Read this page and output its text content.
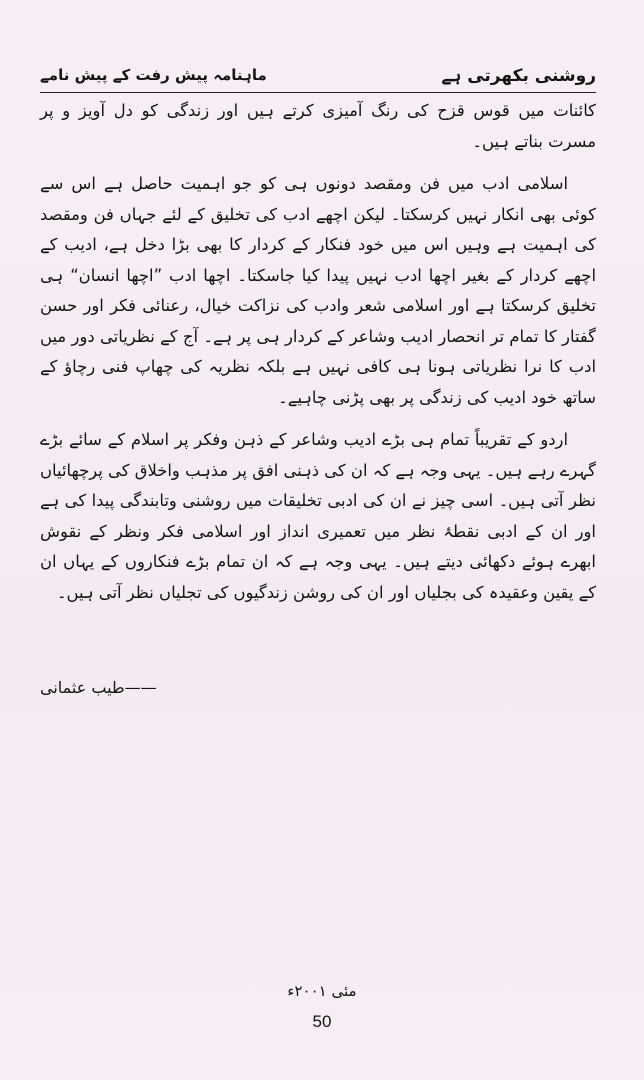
روشنی بکھرتی ہے
ماہنامہ پیش رفت کے پیش نامے

کائنات میں قوس قزح کی رنگ آمیزی کرتے ہیں اور زندگی کو دل آویز و پر مسرت بناتے ہیں۔

اسلامی ادب میں فن ومقصد دونوں ہی کو جو اہمیت حاصل ہے اس سے کوئی بھی انکار نہیں کرسکتا۔ لیکن اچھے ادب کی تخلیق کے لئے جہاں فن ومقصد کی اہمیت ہے وہیں اس میں خود فنکار کے کردار کا بھی بڑا دخل ہے، ادیب کے اچھے کردار کے بغیر اچھا ادب نہیں پیدا کیا جاسکتا۔ اچھا ادب ”اچھا انسان“ ہی تخلیق کرسکتا ہے اور اسلامی شعر وادب کی نزاکت خیال، رعنائی فکر اور حسن گفتار کا تمام تر انحصار ادیب وشاعر کے کردار ہی پر ہے۔ آج کے نظریاتی دور میں ادب کا نرا نظریاتی ہونا ہی کافی نہیں ہے بلکہ نظریہ کی چھاپ فنی رچاؤ کے ساتھ خود ادیب کی زندگی پر بھی پڑنی چاہیے۔

اردو کے تقریباً تمام ہی بڑے ادیب وشاعر کے ذہن وفکر پر اسلام کے سائے بڑے گہرے رہے ہیں۔ یہی وجہ ہے کہ ان کی ذہنی افق پر مذہب واخلاق کی پرچھائیاں نظر آتی ہیں۔ اسی چیز نے ان کی ادبی تخلیقات میں روشنی وتابندگی پیدا کی ہے اور ان کے ادبی نقطۂ نظر میں تعمیری انداز اور اسلامی فکر ونظر کے نقوش ابھرے ہوئے دکھائی دیتے ہیں۔ یہی وجہ ہے کہ ان تمام بڑے فنکاروں کے یہاں ان کے یقین وعقیدہ کی بجلیاں اور ان کی روشن زندگیوں کی تجلیاں نظر آتی ہیں۔

——طیب عثمانی
مئی ۲۰۰۱ء
50
